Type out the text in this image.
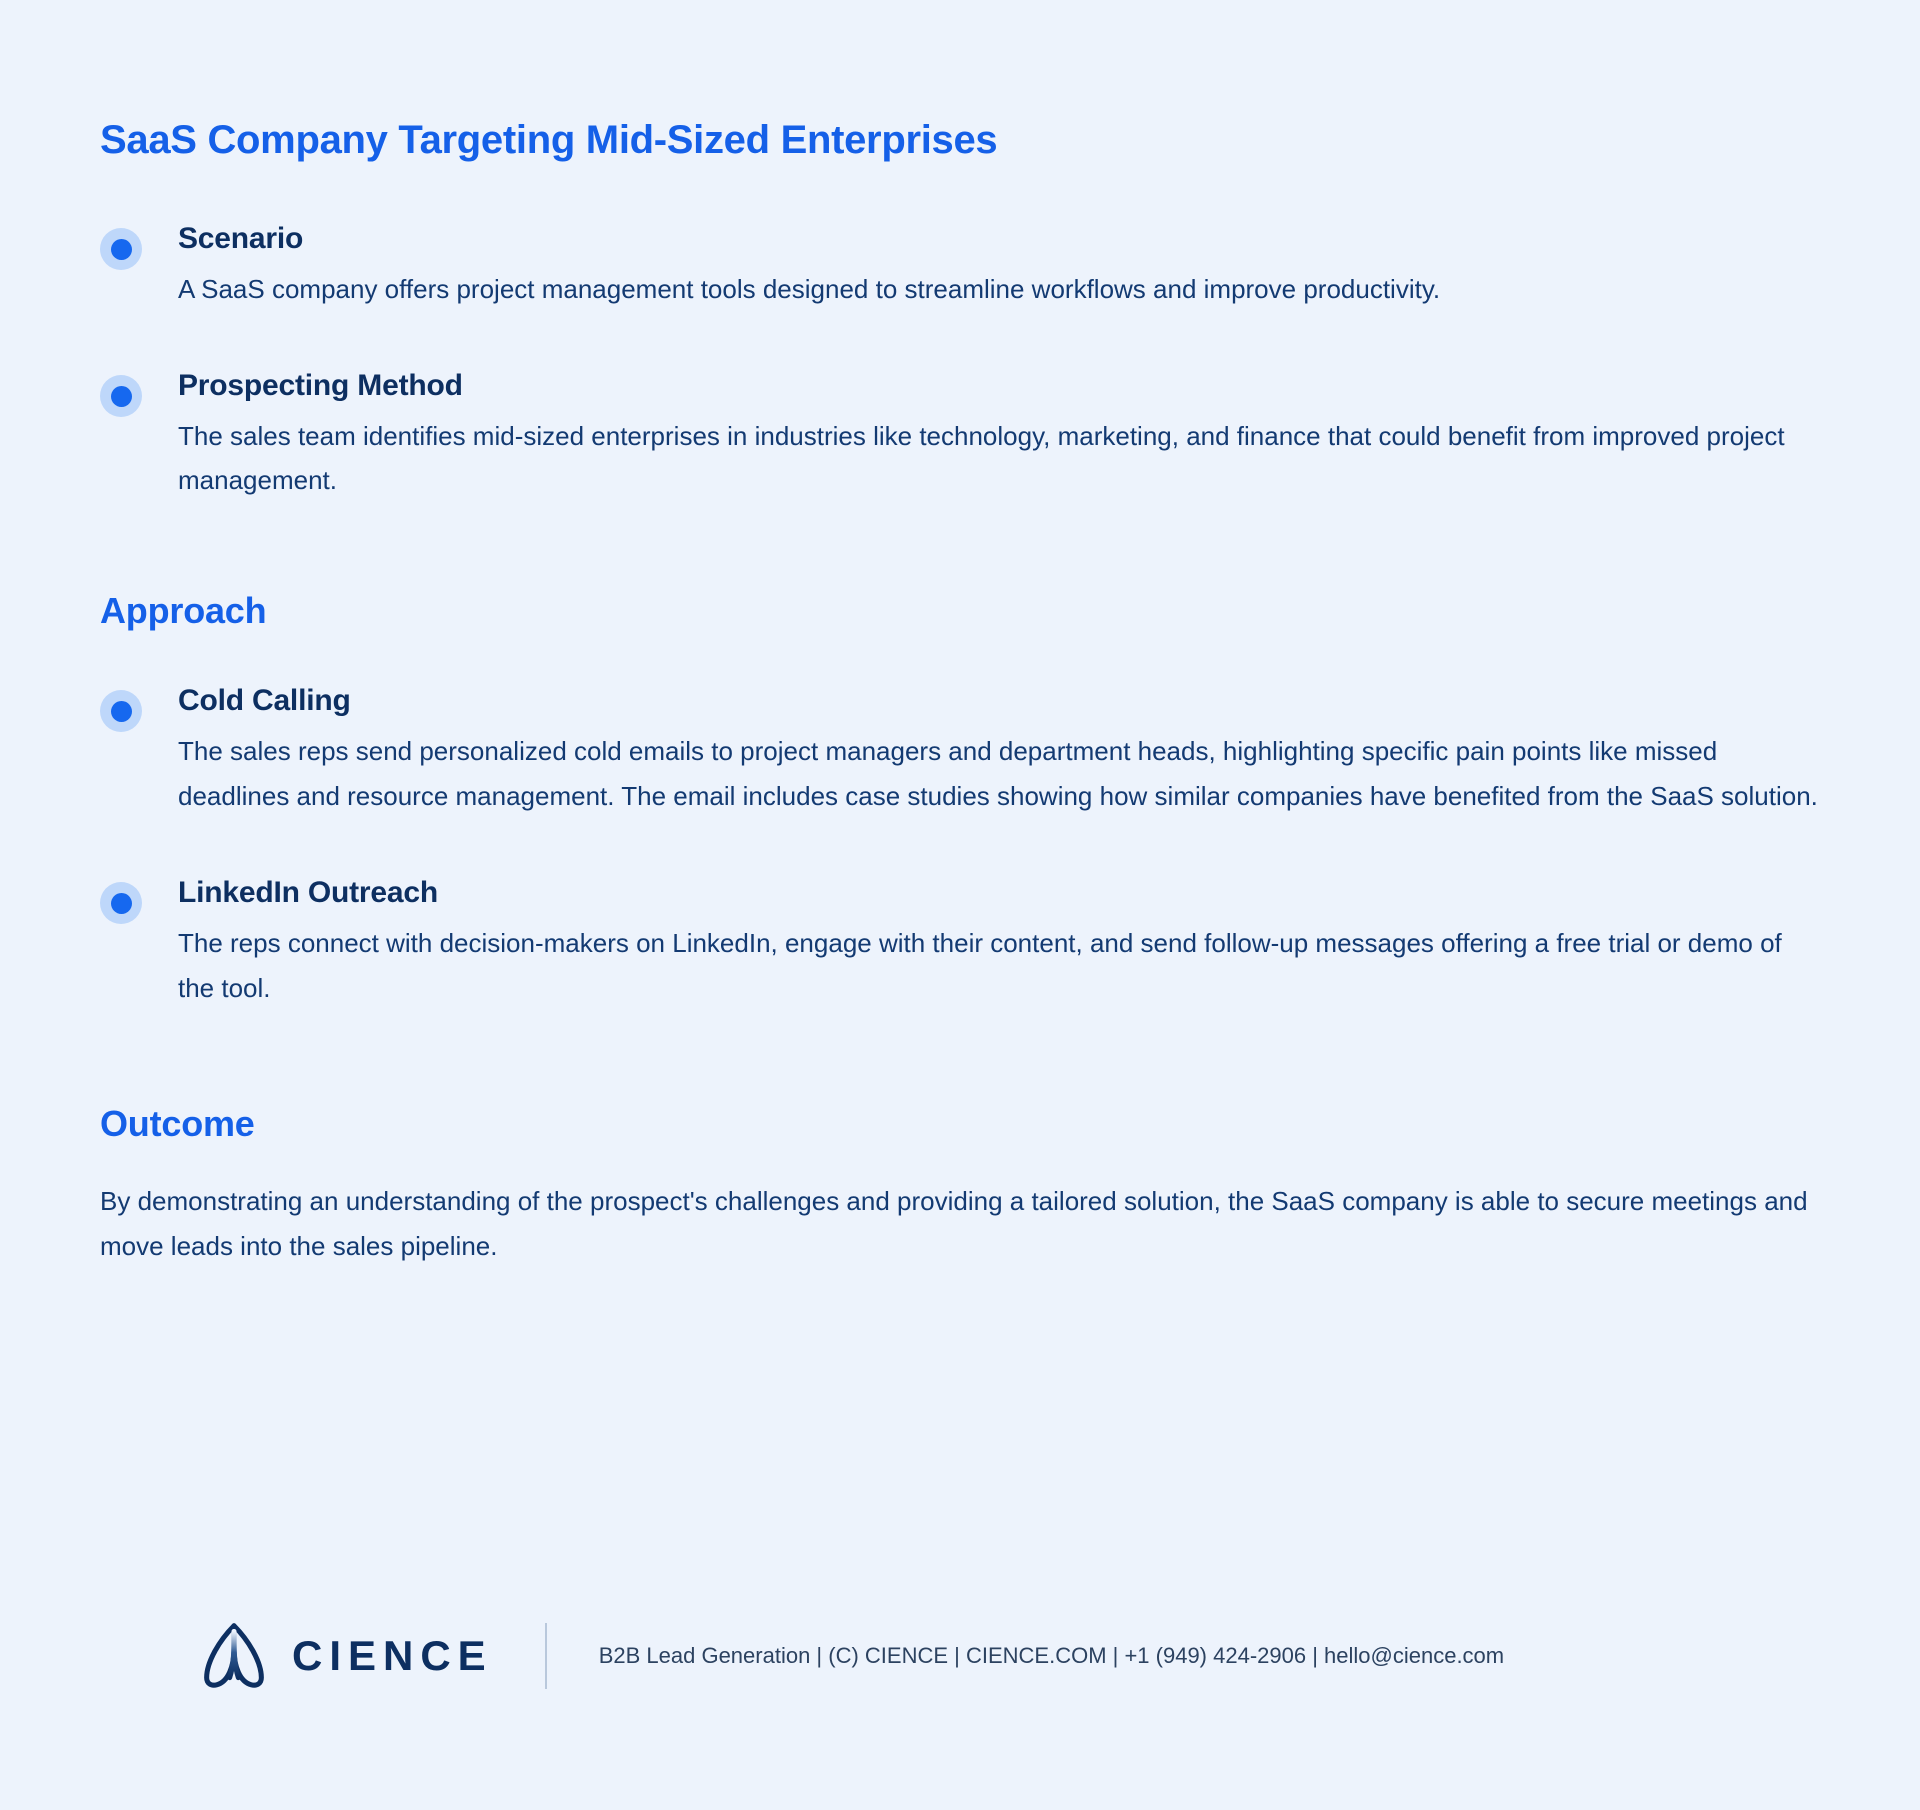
SaaS Company Targeting Mid-Sized Enterprises
Scenario

A SaaS company offers project management tools designed to streamline workflows and improve productivity.

Prospecting Method

The sales team identifies mid-sized enterprises in industries like technology, marketing, and finance that could benefit from improved project management.

Approach
Cold Calling

The sales reps send personalized cold emails to project managers and department heads, highlighting specific pain points like missed deadlines and resource management. The email includes case studies showing how similar companies have benefited from the SaaS solution.

LinkedIn Outreach

The reps connect with decision-makers on LinkedIn, engage with their content, and send follow-up messages offering a free trial or demo of the tool.

Outcome

By demonstrating an understanding of the prospect's challenges and providing a tailored solution, the SaaS company is able to secure meetings and move leads into the sales pipeline.

CIENCE	B2B Lead Generation | (C) CIENCE | CIENCE.COM | +1 (949) 424-2906 | hello@cience.com
